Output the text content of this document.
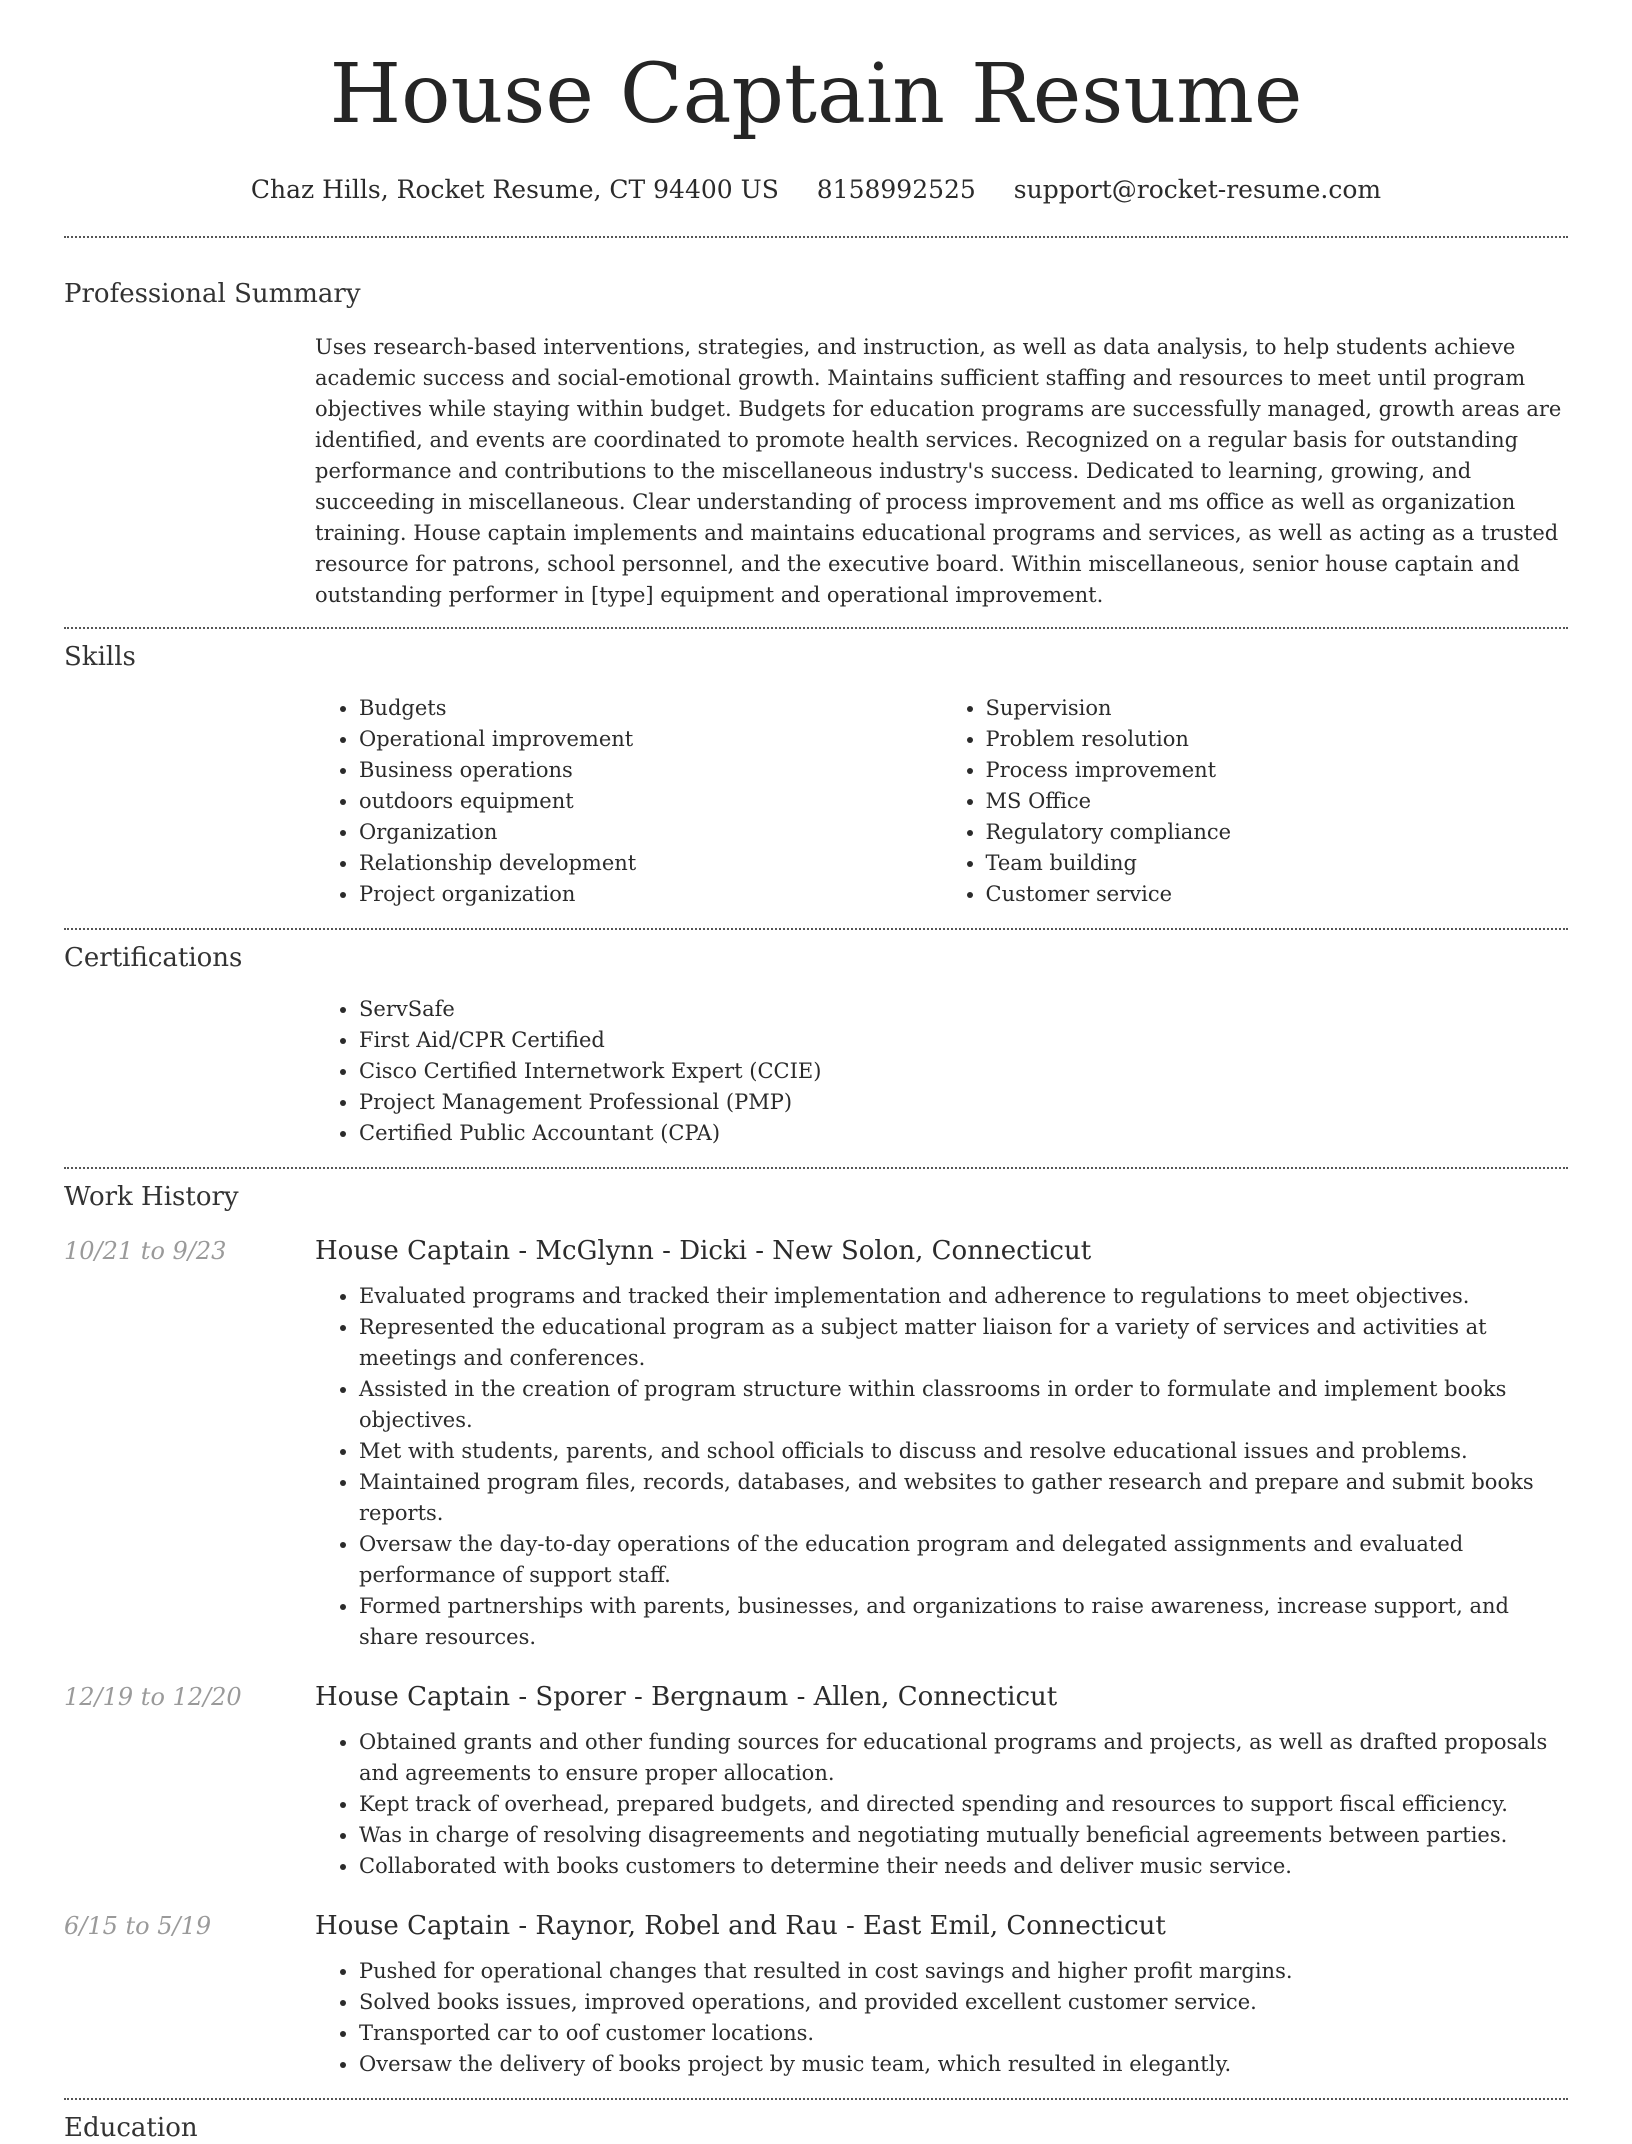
House Captain Resume
Chaz Hills, Rocket Resume, CT 94400 US 8158992525 support@rocket-resume.com
Professional Summary
Uses research-based interventions, strategies, and instruction, as well as data analysis, to help students achieve academic success and social-emotional growth. Maintains sufficient staffing and resources to meet until program objectives while staying within budget. Budgets for education programs are successfully managed, growth areas are identified, and events are coordinated to promote health services. Recognized on a regular basis for outstanding performance and contributions to the miscellaneous industry's success. Dedicated to learning, growing, and succeeding in miscellaneous. Clear understanding of process improvement and ms office as well as organization training. House captain implements and maintains educational programs and services, as well as acting as a trusted resource for patrons, school personnel, and the executive board. Within miscellaneous, senior house captain and outstanding performer in [type] equipment and operational improvement.
Skills
• Budgets
• Operational improvement
• Business operations
• outdoors equipment
• Organization
• Relationship development
• Project organization
• Supervision
• Problem resolution
• Process improvement
• MS Office
• Regulatory compliance
• Team building
• Customer service
Certifications
• ServSafe
• First Aid/CPR Certified
• Cisco Certified Internetwork Expert (CCIE)
• Project Management Professional (PMP)
• Certified Public Accountant (CPA)
Work History
10/21 to 9/23	House Captain - McGlynn - Dicki - New Solon, Connecticut
• Evaluated programs and tracked their implementation and adherence to regulations to meet objectives.
• Represented the educational program as a subject matter liaison for a variety of services and activities at meetings and conferences.
• Assisted in the creation of program structure within classrooms in order to formulate and implement books objectives.
• Met with students, parents, and school officials to discuss and resolve educational issues and problems.
• Maintained program files, records, databases, and websites to gather research and prepare and submit books reports.
• Oversaw the day-to-day operations of the education program and delegated assignments and evaluated performance of support staff.
• Formed partnerships with parents, businesses, and organizations to raise awareness, increase support, and share resources.
12/19 to 12/20	House Captain - Sporer - Bergnaum - Allen, Connecticut
• Obtained grants and other funding sources for educational programs and projects, as well as drafted proposals and agreements to ensure proper allocation.
• Kept track of overhead, prepared budgets, and directed spending and resources to support fiscal efficiency.
• Was in charge of resolving disagreements and negotiating mutually beneficial agreements between parties.
• Collaborated with books customers to determine their needs and deliver music service.
6/15 to 5/19	House Captain - Raynor, Robel and Rau - East Emil, Connecticut
• Pushed for operational changes that resulted in cost savings and higher profit margins.
• Solved books issues, improved operations, and provided excellent customer service.
• Transported car to oof customer locations.
• Oversaw the delivery of books project by music team, which resulted in elegantly.
Education
